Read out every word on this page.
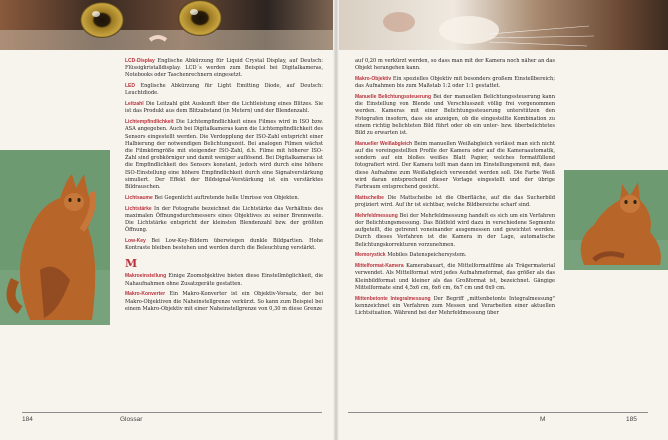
LCD-Display Englische Abkürzung für Liquid Crystal Display, auf Deutsch: Flüssigkristalldisplay. LCD´s werden zum Beispiel bei Digitalkameras, Notebooks oder Taschenrechnern eingesetzt.

LED Englische Abkürzung für Light Emitting Diode, auf Deutsch: Leuchtdiode.

Leitzahl Die Leitzahl gibt Auskunft über die Lichtleistung eines Blitzes. Sie ist das Produkt aus dem Blitzabstand (in Metern) und der Blendenzahl.

Lichtempfindlichkeit Die Lichtempfindlichkeit eines Filmes wird in ISO bzw. ASA angegeben. Auch bei Digitalkameras kann die Lichtempfindlichkeit des Sensors eingestellt werden. Die Verdopplung der ISO-Zahl entspricht einer Halbierung der notwendigen Belichtungszeit. Bei analogen Filmen wächst die Filmkörngröße mit steigender ISO-Zahl, d.h. Filme mit höherer ISO-Zahl sind grobkörniger und damit weniger auflösend. Bei Digitalkameras ist die Empfindlichkeit des Sensors konstant, jedoch wird durch eine höhere ISO-Einstellung eine höhere Empfindlichkeit durch eine Signalverstärkung simuliert. Der Effekt der Bildsignal-Verstärkung ist ein verstärktes Bildrauschen.

Lichtsaume Bei Gegenlicht auftretende helle Umrisse von Objekten.

Lichtstärke In der Fotografie bezeichnet die Lichtstärke das Verhältnis des maximalen Öffnungsdurchmessers eines Objektives zu seiner Brennweite. Die Lichtstärke entspricht der kleinsten Blendenzahl bzw. der größten Öffnung.

Low-Key Bei Low-Key-Bildern überwiegen dunkle Bildpartien. Hohe Kontraste bleiben bestehen und werden durch die Beleuchtung verstärkt.

M

Makroeinstellung Einige Zoomobjektive bieten diese Einstellmöglichkeit, die Nahaufnahmen ohne Zusatzgeräte gestatten.

Makro-Konverter Ein Makro-Konverter ist ein Objektiv-Vorsatz, der bei Makro-Objektiven die Naheinstellgrenze verkürzt. So kann zum Beispiel bei einem Makro-Objektiv mit einer Naheinstellgrenze von 0,30 m diese Grenze

auf 0,20 m verkürzt werden, so dass man mit der Kamera noch näher an das Objekt herangehen kann.

Makro-Objektiv Ein spezielles Objektiv mit besonders großem Einstellbereich; das Aufnahmen bis zum Maßstab 1:2 oder 1:1 gestattet.

Manuelle Belichtungssteuerung Bei der manuellen Belichtungssteuerung kann die Einstellung von Blende und Verschlusszeit völlig frei vorgenommen werden. Kameras mit einer Belichtungssteuerung unterstützen den Fotografen insofern, dass sie anzeigen, ob die eingestellte Kombination zu einem richtig belichteten Bild führt oder ob ein unter- bzw. überbelichtetes Bild zu erwarten ist.

Manueller Weißabgleich Beim manuellen Weißabgleich verlässt man sich nicht auf die voreingestellten Profile der Kamera oder auf die Kameraautomatik, sondern auf ein bloßes weißes Blatt Papier, welches formatfüllend fotografiert wird. Der Kamera teilt man dann im Einstellungsmenü mit, dass diese Aufnahme zum Weißabgleich verwendet werden soll. Die Farbe Weiß wird daran entsprechend dieser Vorlage eingestellt und der übrige Farbraum entsprechend geeicht.

Mattscheibe Die Mattscheibe ist die Oberfläche, auf die das Sucherbild projiziert wird. Auf ihr ist sichtbar, welche Bildbereiche scharf sind.

Mehrfeldmessung Bei der Mehrfeldmessung handelt es sich um ein Verfahren der Belichtungsmessung. Das Bildfeld wird dazu in verschiedene Segmente aufgeteilt, die getrennt voneinander ausgemessen und gewichtet werden. Durch dieses Verfahren ist die Kamera in der Lage, automatische Belichtungskorrekturen vorzunehmen.

Memorystick Mobiles Datenspeichersystem.

Mittelformat-Kamera Kamerabauart, die Mittelformatfilme als Trägermaterial verwendet. Als Mittelformat wird jedes Aufnahmeformat, das größer als das Kleinbildformat und kleiner als das Großformat ist, bezeichnet. Gängige Mittelformate sind 4,5x6 cm, 6x6 cm, 6x7 cm und 6x9 cm.

Mittenbetonte Integralmessung Der Begriff „mittenbetonte Integralmessung" kennzeichnet ein Verfahren zum Messen und Verarbeiten einer aktuellen Lichtsituation. Während bei der Mehrfeldmessung über

184	Glossar	M	185
